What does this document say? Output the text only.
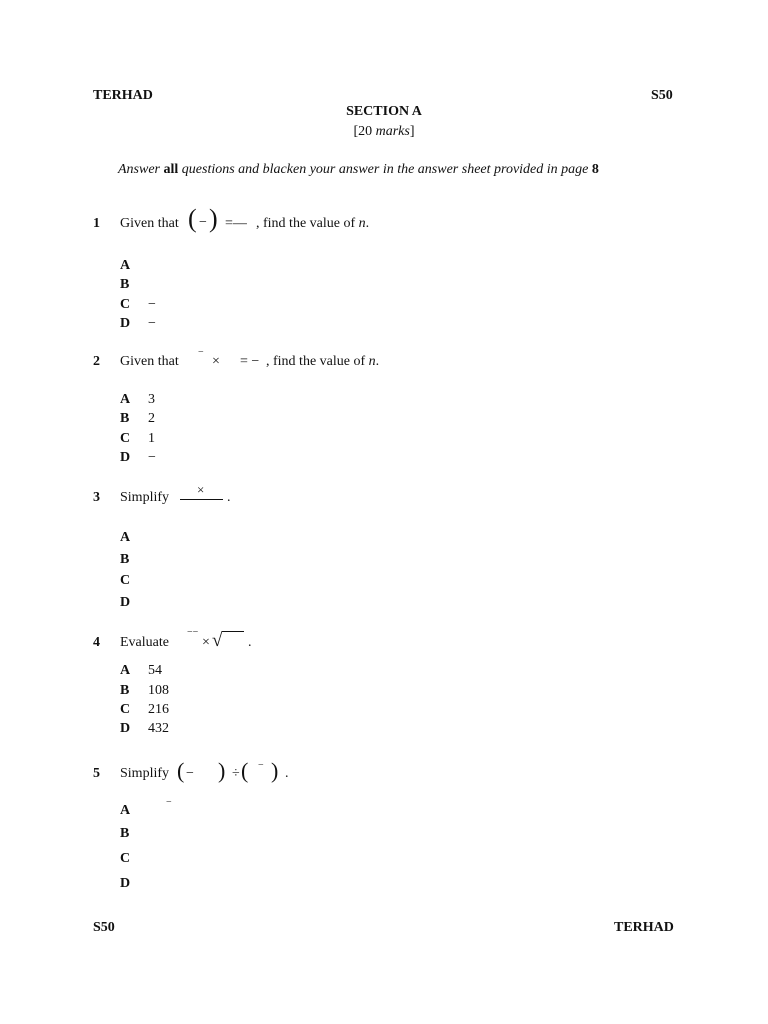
TERHAD	S50
SECTION A
[20 marks]
Answer all questions and blacken your answer in the answer sheet provided in page 8
1 Given that ( − ) =— , find the value of n.
A
B
C −
D −
2 Given that
−
× = − , find the value of n.
A 3
B 2
C 1
D −
3 Simplify
×
.
A
B
C
D
4 Evaluate
−−
× √ .
A 54
B 108
C 216
D 432
5 Simplify ( − ) ÷ ( − ) .
A
−
B
C
D
S50	TERHAD
